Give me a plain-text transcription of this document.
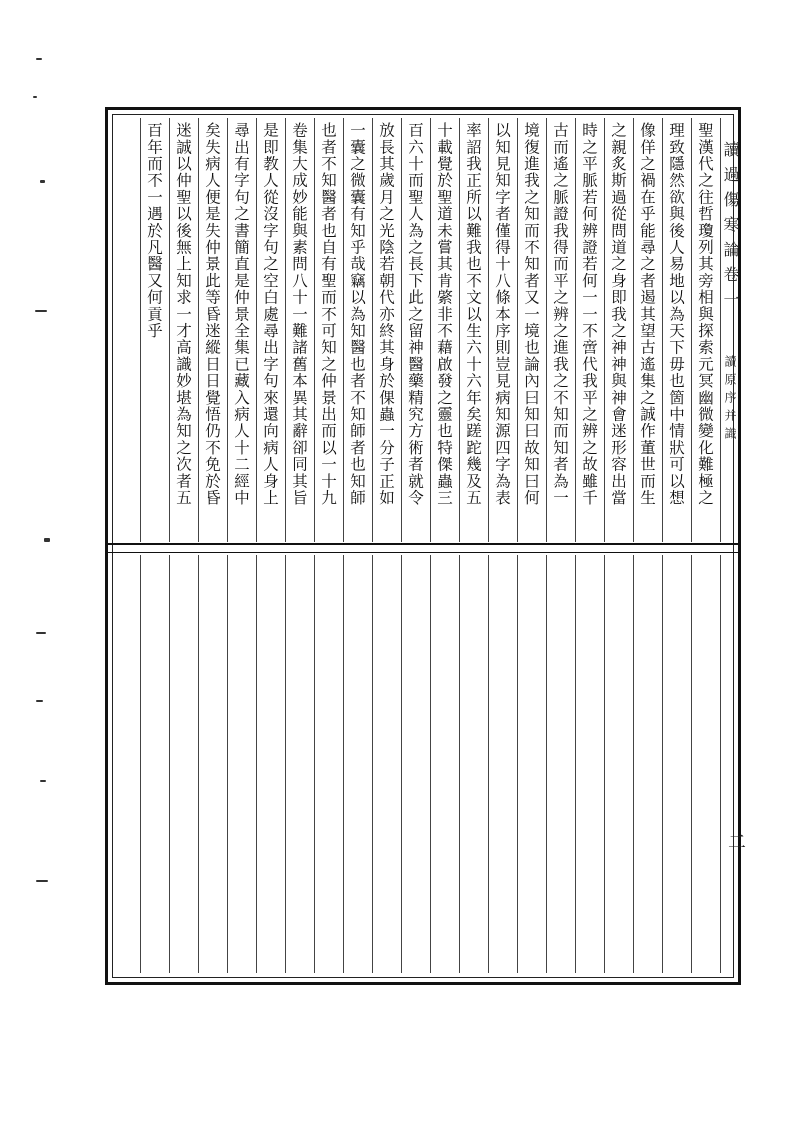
聖漢代之往哲瓊列其旁相與探索元冥幽微變化難極之
理致隱然欲與後人易地以為天下毋也箇中情狀可以想
像佯之禍在乎能尋之者遏其望古遙集之誠作董世而生
之親炙斯過從問道之身即我之神神與神會迷形容出當
時之平脈若何辨證若何一一不啻代我平之辨之故雖千
古而遙之脈證我得而平之辨之進我之不知而知者為一
境復進我之知而不知者又一境也論內曰知曰故知曰何
以知見知字者僅得十八條本序則豈見病知源四字為表
率詔我正所以難我也不文以生六十六年矣蹉跎幾及五
十載覺於聖道未嘗其肯綮非不藉啟發之靈也特傑蟲三
百六十而聖人為之長下此之留神醫藥精究方術者就令
放長其歲月之光陰若朝代亦終其身於倮蟲一分子正如
一囊之微囊有知乎哉竊以為知醫也者不知師者也知師
也者不知醫者也自有聖而不可知之仲景出而以一十九
卷集大成妙能與素問八十一難諸舊本異其辭卻同其旨
是即教人從沒字句之空白處尋出字句來還向病人身上
尋出有字句之書簡直是仲景全集已藏入病人十二經中
矣失病人便是失仲景此等昏迷縱日日覺悟仍不免於昏
迷誠以仲聖以後無上知求一才高識妙堪為知之次者五
百年而不一遇於凡醫又何貢乎	讀過傷寒論卷一
讀原序并識
二
